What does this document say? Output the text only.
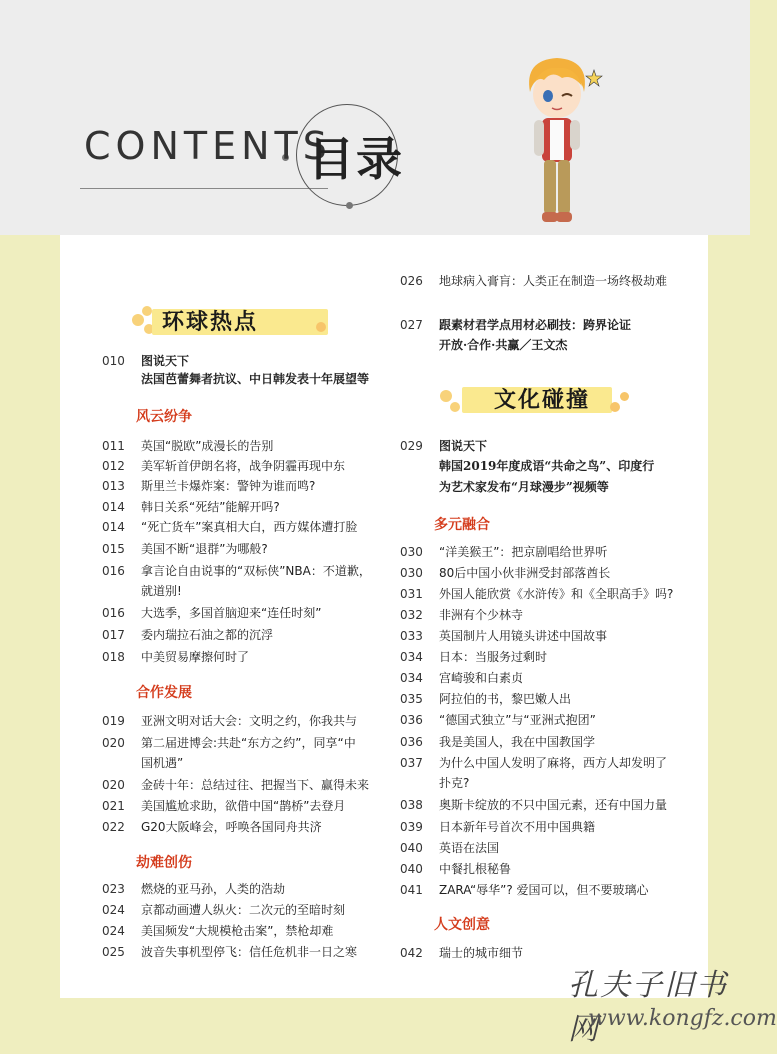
CONTENTS
目录
环球热点
文化碰撞
010	图说天下
法国芭蕾舞者抗议、中日韩发表十年展望等
风云纷争
011	英国“脱欧”成漫长的告别
012	美军斩首伊朗名将，战争阴霾再现中东
013	斯里兰卡爆炸案：警钟为谁而鸣?
014	韩日关系“死结”能解开吗?
014	“死亡货车”案真相大白，西方媒体遭打脸
015	美国不断“退群”为哪般?
016	拿言论自由说事的“双标侠”NBA：不道歉，
就道别!
016	大选季，多国首脑迎来“连任时刻”
017	委内瑞拉石油之都的沉浮
018	中美贸易摩擦何时了
合作发展
019	亚洲文明对话大会：文明之约，你我共与
020	第二届进博会:共赴“东方之约”，同享“中
国机遇”
020	金砖十年：总结过往、把握当下、赢得未来
021	美国尴尬求助，欲借中国“鹊桥”去登月
022	G20大阪峰会，呼唤各国同舟共济
劫难创伤
023	燃烧的亚马孙，人类的浩劫
024	京都动画遭人纵火：二次元的至暗时刻
024	美国频发“大规模枪击案”，禁枪却难
025	波音失事机型停飞：信任危机非一日之寒
026	地球病入膏肓：人类正在制造一场终极劫难
027	跟素材君学点用材必刷技：跨界论证
开放·合作·共赢／王文杰
029	图说天下
韩国2019年度成语“共命之鸟”、印度行
为艺术家发布“月球漫步”视频等
多元融合
030	“洋美猴王”：把京剧唱给世界听
030	80后中国小伙非洲受封部落酋长
031	外国人能欣赏《水浒传》和《全职高手》吗?
032	非洲有个少林寺
033	英国制片人用镜头讲述中国故事
034	日本：当服务过剩时
034	宫崎骏和白素贞
035	阿拉伯的书，黎巴嫩人出
036	“德国式独立”与“亚洲式抱团”
036	我是美国人，我在中国教国学
037	为什么中国人发明了麻将，西方人却发明了
扑克?
038	奥斯卡绽放的不只中国元素，还有中国力量
039	日本新年号首次不用中国典籍
040	英语在法国
040	中餐扎根秘鲁
041	ZARA“辱华”? 爱国可以，但不要玻璃心
人文创意
042	瑞士的城市细节
孔夫子旧书网
www.kongfz.com
